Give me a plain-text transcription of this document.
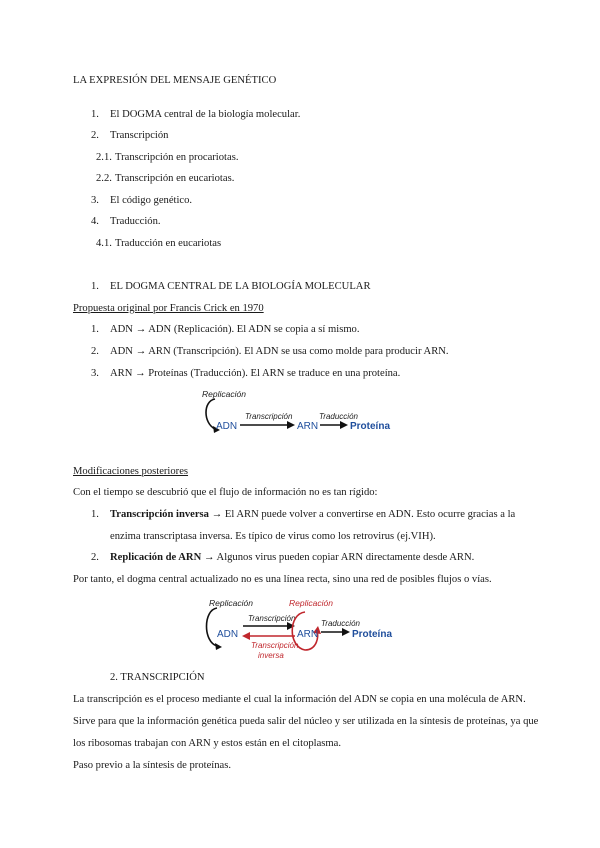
LA EXPRESIÓN DEL MENSAJE GENÉTICO
1. El DOGMA central de la biología molecular.
2. Transcripción
2.1. Transcripción en procariotas.
2.2. Transcripción en eucariotas.
3. El código genético.
4. Traducción.
4.1. Traducción en eucariotas
1. EL DOGMA CENTRAL DE LA BIOLOGÍA MOLECULAR
Propuesta original por Francis Crick en 1970
1. ADN → ADN (Replicación). El ADN se copia a sí mismo.
2. ADN → ARN (Transcripción). El ADN se usa como molde para producir ARN.
3. ARN → Proteínas (Traducción). El ARN se traduce en una proteína.
Replicación
ADN
Transcripción
ARN
Traducción
Proteína
Modificaciones posteriores
Con el tiempo se descubrió que el flujo de información no es tan rígido:
1. Transcripción inversa → El ARN puede volver a convertirse en ADN. Esto ocurre gracias a la
enzima transcriptasa inversa. Es típico de virus como los retrovirus (ej.VIH).
2. Replicación de ARN → Algunos virus pueden copiar ARN directamente desde ARN.
Por tanto, el dogma central actualizado no es una línea recta, sino una red de posibles flujos o vías.
Replicación
ADN
Transcripción
Transcripción
inversa
Replicación
ARN
Traducción
Proteína
2. TRANSCRIPCIÓN
La transcripción es el proceso mediante el cual la información del ADN se copia en una molécula de ARN.
Sirve para que la información genética pueda salir del núcleo y ser utilizada en la síntesis de proteínas, ya que
los ribosomas trabajan con ARN y estos están en el citoplasma.
Paso previo a la síntesis de proteínas.
